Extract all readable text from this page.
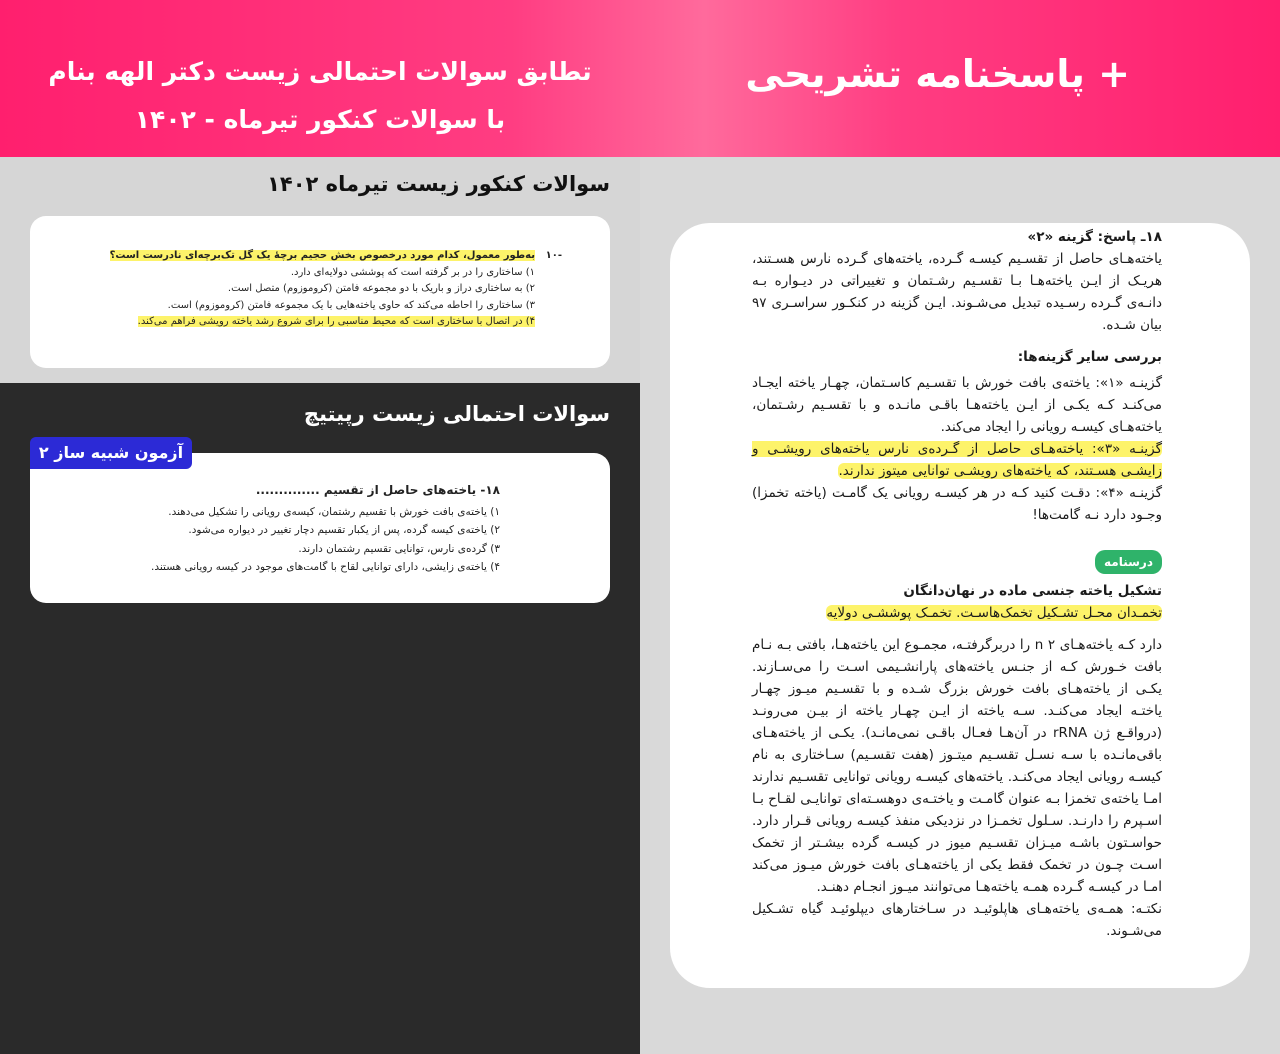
+ پاسخنامه تشریحی
تطابق سوالات احتمالی زیست دکتر الهه بنام
با سوالات کنکور تیرماه - ۱۴۰۲
سوالات کنکور زیست تیرماه ۱۴۰۲
-۱۰
به‌طور معمول، کدام مورد درخصوص بخش حجیم برچهٔ یک گل تک‌برچه‌ای نادرست است؟
۱) ساختاری را در بر گرفته است که پوششی دولایه‌ای دارد.
۲) به ساختاری دراز و باریک با دو مجموعه فامتن (کروموزوم) متصل است.
۳) ساختاری را احاطه می‌کند که حاوی یاخته‌هایی با یک مجموعه فامتن (کروموزوم) است.
۴) در اتصال با ساختاری است که محیط مناسبی را برای شروع رشد یاخته رویشی فراهم می‌کند.
سوالات احتمالی زیست رپیتیچ
۱۸- یاخته‌های حاصل از تقسیم ..............
۱) یاخته‌ی بافت خورش با تقسیم رشتمان، کیسه‌ی رویانی را تشکیل می‌دهند.
۲) یاخته‌ی کیسه گرده، پس از یکبار تقسیم دچار تغییر در دیواره می‌شود.
۳) گرده‌ی نارس، توانایی تقسیم رشتمان دارند.
۴) یاخته‌ی زایشی، دارای توانایی لقاح با گامت‌های موجود در کیسه رویانی هستند.
آزمون شبیه ساز ۲

۱۸ـ پاسخ: گزینه «۲»

یاخته‌هـای حاصل از تقسـیم کیسـه گـرده، یاخته‌های گـرده نارس هسـتند، هریـک از ایـن یاخته‌هـا بـا تقسـیم رشـتمان و تغییراتی در دیـواره بـه دانـه‌ی گـرده رسـیده تبدیل می‌شـوند. ایـن گزینه در کنکـور سراسـری ۹۷ بیان شـده.

بررسی سایر گزینه‌ها:

گزینـه «۱»: یاخته‌ی بافت خورش با تقسـیم کاسـتمان، چهـار یاخته ایجـاد می‌کنـد کـه یکـی از ایـن یاخته‌هـا باقـی مانـده و با تقسـیم رشـتمان، یاخته‌هـای کیسـه رویانی را ایجاد می‌کند.

گزینـه «۳»: یاخته‌هـای حاصل از گـرده‌ی نارس یاخته‌های رویشـی و زایشـی هسـتند، که یاخته‌های رویشـی توانایی میتوز ندارند.

گزینـه «۴»: دقـت کنید کـه در هر کیسـه رویانی یک گامـت (یاخته تخمزا) وجـود دارد نـه گامت‌ها!

درسنامه

تشکیل یاخته جنسی ماده در نهان‌دانگان

تخمـدان محـل تشـکیل تخمک‌هاسـت. تخمـک پوششـی دولایه

دارد کـه یاخته‌هـای ۲ n را دربرگرفتـه، مجمـوع این یاخته‌هـا، بافتی بـه نـام بافت خـورش کـه از جنـس یاخته‌های پارانشـیمی اسـت را می‌سـازند. یکـی از یاخته‌هـای بافت خورش بزرگ شـده و با تقسـیم میـوز چهـار یاختـه ایجاد می‌کنـد. سـه یاخته از ایـن چهـار یاخته از بیـن می‌رونـد (درواقـع ژن rRNA در آن‌هـا فعـال باقـی نمی‌مانـد). یکـی از یاخته‌هـای باقی‌مانـده با سـه نسـل تقسـیم میتـوز (هفت تقسـیم) سـاختاری به نام کیسـه رویانی ایجاد می‌کنـد. یاخته‌های کیسـه رویانی توانایی تقسـیم ندارند امـا یاخته‌ی تخمزا بـه عنوان گامـت و یاختـه‌ی دوهسـته‌ای توانایـی لقـاح بـا اسـپرم را دارنـد. سـلول تخمـزا در نزدیکی منفذ کیسـه رویانی قـرار دارد. حواسـتون باشـه میـزان تقسـیم میوز در کیسـه گرده بیشـتر از تخمک اسـت چـون در تخمک فقط یکی از یاخته‌هـای بافت خورش میـوز می‌کند امـا در کیسـه گـرده همـه یاخته‌هـا می‌توانند میـوز انجـام دهنـد.

نکتـه: همـه‌ی یاخته‌هـای هاپلوئیـد در سـاختارهای دیپلوئیـد گیاه تشـکیل می‌شـوند.
